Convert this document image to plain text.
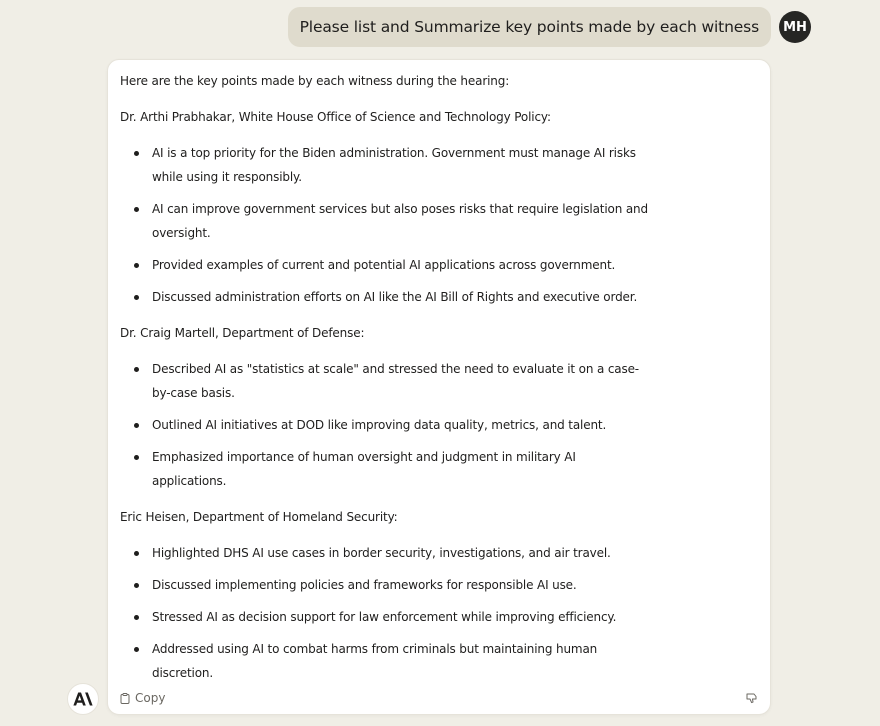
Please list and Summarize key points made by each witness MH

Here are the key points made by each witness during the hearing:

Dr. Arthi Prabhakar, White House Office of Science and Technology Policy:

AI is a top priority for the Biden administration. Government must manage AI risks
while using it responsibly.
AI can improve government services but also poses risks that require legislation and
oversight.
Provided examples of current and potential AI applications across government.
Discussed administration efforts on AI like the AI Bill of Rights and executive order.

Dr. Craig Martell, Department of Defense:

Described AI as "statistics at scale" and stressed the need to evaluate it on a case-
by-case basis.
Outlined AI initiatives at DOD like improving data quality, metrics, and talent.
Emphasized importance of human oversight and judgment in military AI
applications.

Eric Heisen, Department of Homeland Security:

Highlighted DHS AI use cases in border security, investigations, and air travel.
Discussed implementing policies and frameworks for responsible AI use.
Stressed AI as decision support for law enforcement while improving efficiency.
Addressed using AI to combat harms from criminals but maintaining human
discretion.
Copy
